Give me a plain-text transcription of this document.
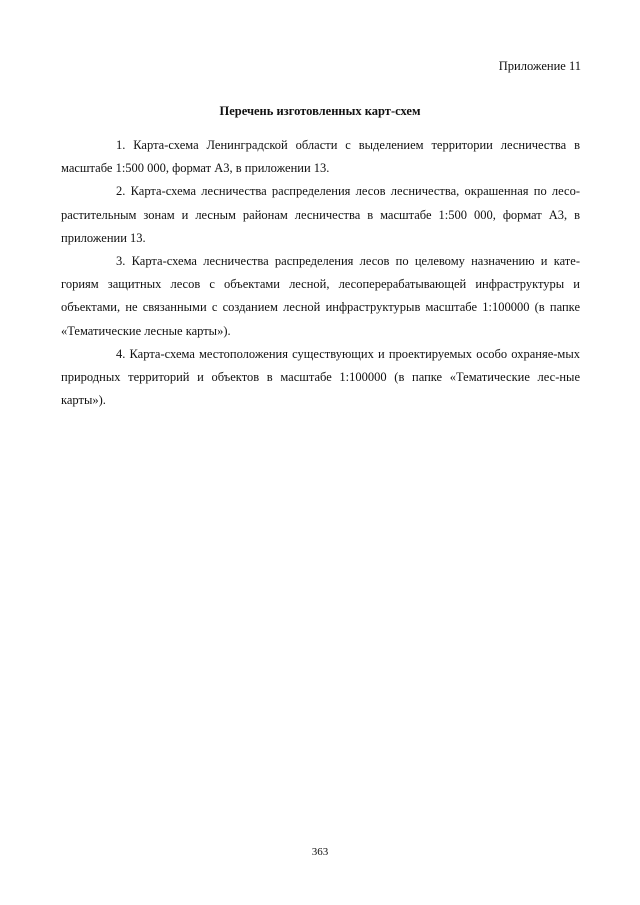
Приложение 11
Перечень изготовленных карт-схем

1. Карта-схема Ленинградской области с выделением территории лесничества в масштабе 1:500 000, формат А3, в приложении 13.

2. Карта-схема лесничества распределения лесов лесничества, окрашенная по лесо-растительным зонам и лесным районам лесничества в масштабе 1:500 000, формат А3, в приложении 13.

3. Карта-схема лесничества распределения лесов по целевому назначению и кате-гориям защитных лесов с объектами лесной, лесоперерабатывающей инфраструктуры и объектами, не связанными с созданием лесной инфраструктурыв масштабе 1:100000 (в папке «Тематические лесные карты»).

4. Карта-схема местоположения существующих и проектируемых особо охраняе-мых природных территорий и объектов в масштабе 1:100000 (в папке «Тематические лес-ные карты»).

363
